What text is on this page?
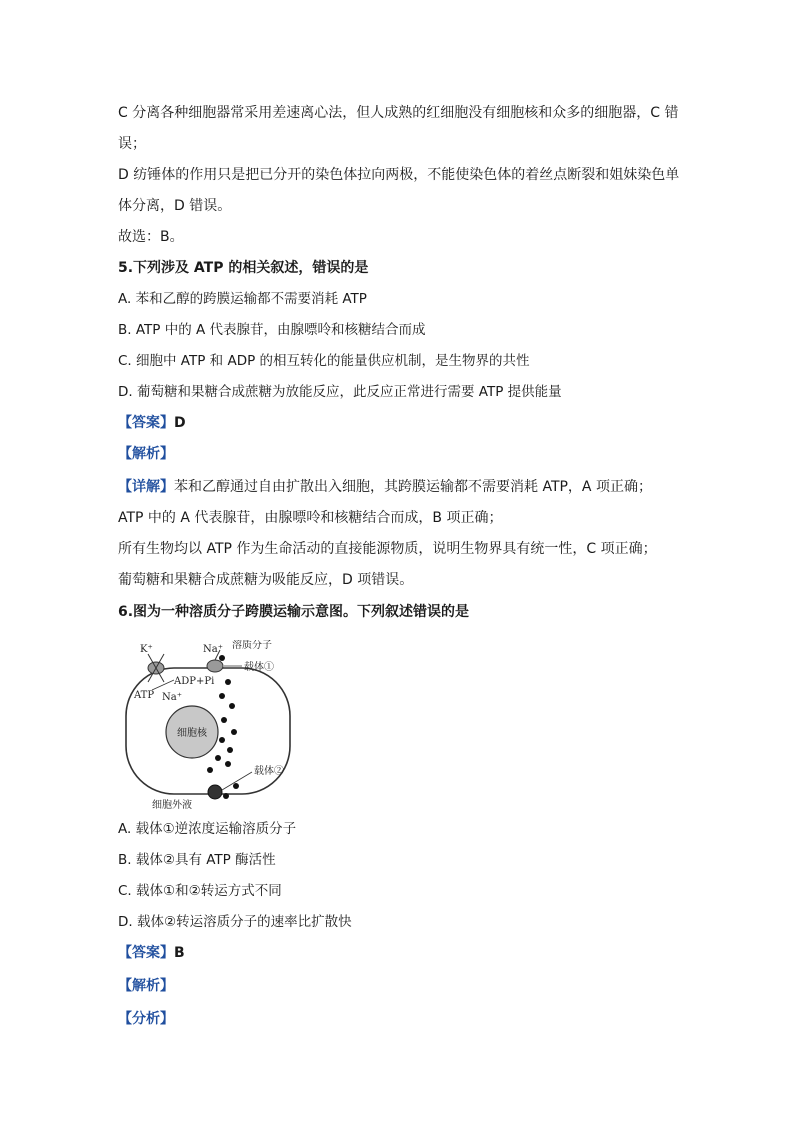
C 分离各种细胞器常采用差速离心法，但人成熟的红细胞没有细胞核和众多的细胞器，C 错
误；
D 纺锤体的作用只是把已分开的染色体拉向两极，不能使染色体的着丝点断裂和姐妹染色单
体分离，D 错误。
故选：B。
5.下列涉及 ATP 的相关叙述，错误的是
A. 苯和乙醇的跨膜运输都不需要消耗 ATP
B. ATP 中的 A 代表腺苷，由腺嘌呤和核糖结合而成
C. 细胞中 ATP 和 ADP 的相互转化的能量供应机制，是生物界的共性
D. 葡萄糖和果糖合成蔗糖为放能反应，此反应正常进行需要 ATP 提供能量
【答案】D
【解析】
【详解】苯和乙醇通过自由扩散出入细胞，其跨膜运输都不需要消耗 ATP，A 项正确；
ATP 中的 A 代表腺苷，由腺嘌呤和核糖结合而成，B 项正确；
所有生物均以 ATP 作为生命活动的直接能源物质，说明生物界具有统一性，C 项正确；
葡萄糖和果糖合成蔗糖为吸能反应，D 项错误。
6.图为一种溶质分子跨膜运输示意图。下列叙述错误的是
细胞核
K⁺	Na⁺ 溶质分子
载体①
ADP+Pi
ATP Na⁺
载体②
细胞外液
A. 载体①逆浓度运输溶质分子
B. 载体②具有 ATP 酶活性
C. 载体①和②转运方式不同
D. 载体②转运溶质分子的速率比扩散快
【答案】B
【解析】
【分析】
